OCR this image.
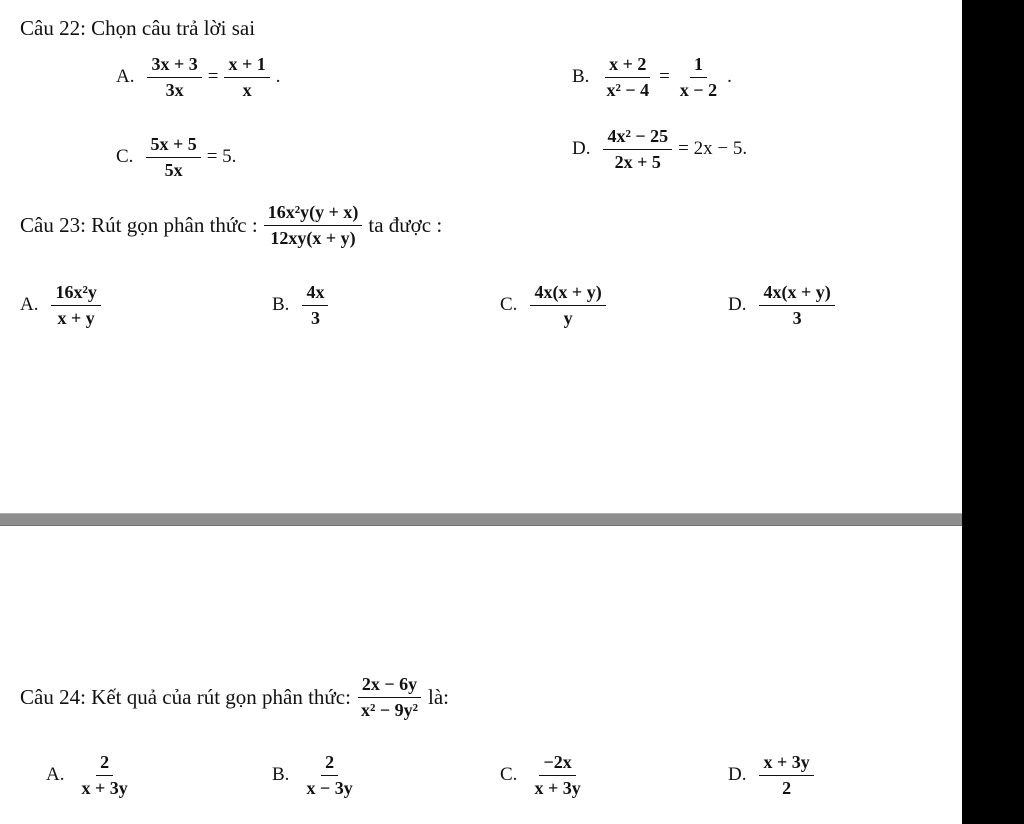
Câu 22: Chọn câu trả lời sai
A. $\frac{3x + 3}{3x} = \frac{x + 1}{x}$ .	B. $\frac{x + 2}{\text{x² − 4}} = \frac{1}{x - 2}$ .
C. $\frac{5x + 5}{5x} = 5$.	D. $\frac{\text{4x² − 25}}{2x + 5} = 2x - 5$.
Câu 23: Rút gọn phân thức : $\frac{\text{16x²y(y + x)}}{12xy(x + y)}$ ta được :
A. $\frac{\text{16x²y}}{x + y}$	B. $\frac{4x}{3}$	C. $\frac{4x(x + y)}{y}$	D. $\frac{4x(x + y)}{3}$
Câu 24: Kết quả của rút gọn phân thức: $\frac{2x - 6y}{\text{x² − 9y²}}$ là:
A. $\frac{2}{x + 3y}$	B. $\frac{2}{x - 3y}$	C. $\frac{-2x}{x + 3y}$	D. $\frac{x + 3y}{2}$
